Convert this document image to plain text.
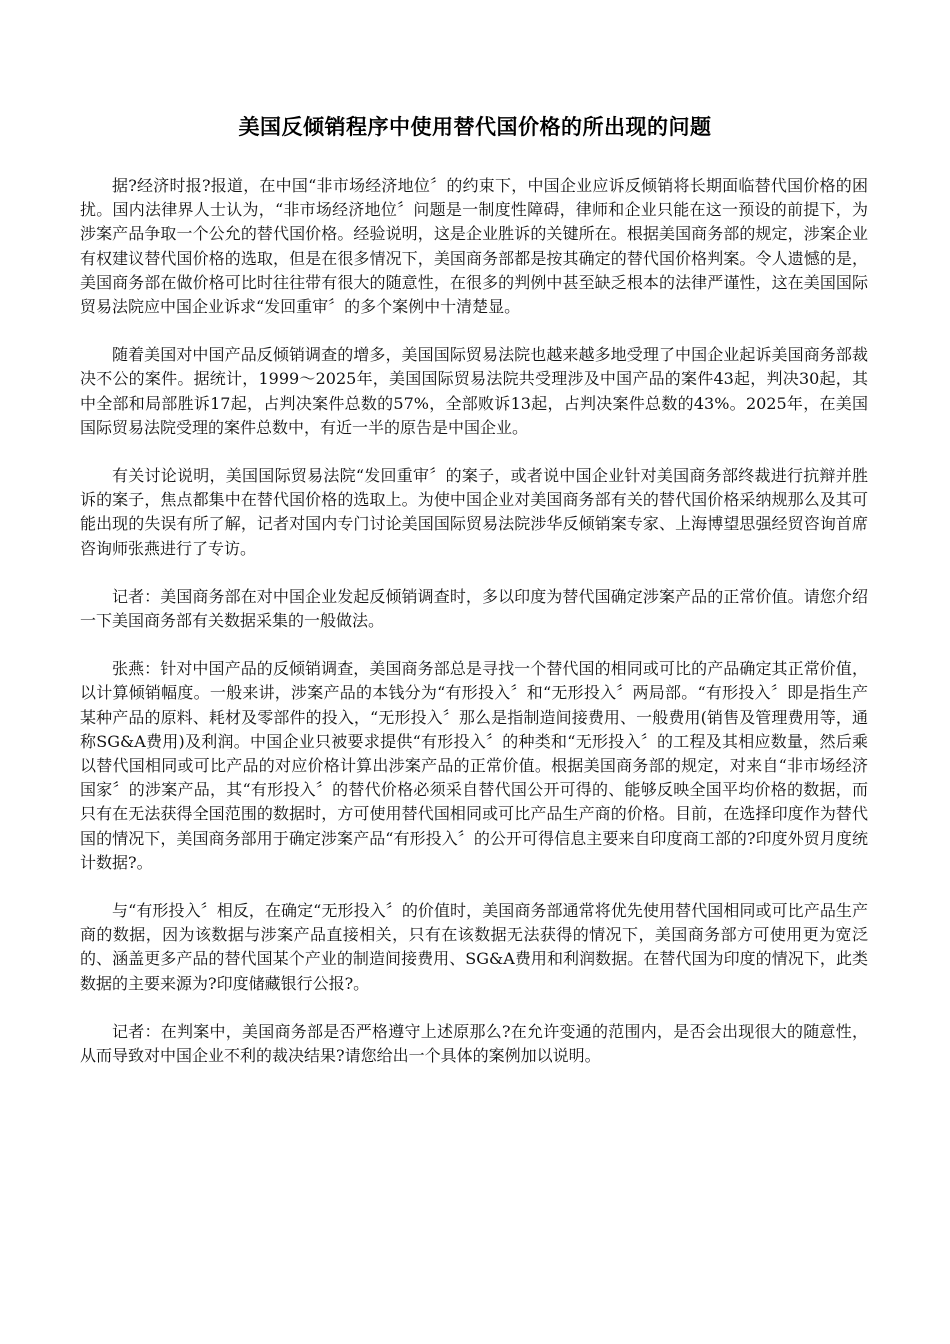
美国反倾销程序中使用替代国价格的所出现的问题

据?经济时报?报道，在中国“非市场经济地位〞的约束下，中国企业应诉反倾销将长期面临替代国价格的困扰。国内法律界人士认为，“非市场经济地位〞问题是一制度性障碍，律师和企业只能在这一预设的前提下，为涉案产品争取一个公允的替代国价格。经验说明，这是企业胜诉的关键所在。根据美国商务部的规定，涉案企业有权建议替代国价格的选取，但是在很多情况下，美国商务部都是按其确定的替代国价格判案。令人遗憾的是，美国商务部在做价格可比时往往带有很大的随意性，在很多的判例中甚至缺乏根本的法律严谨性，这在美国国际贸易法院应中国企业诉求“发回重审〞的多个案例中十清楚显。

随着美国对中国产品反倾销调查的增多，美国国际贸易法院也越来越多地受理了中国企业起诉美国商务部裁决不公的案件。据统计，1999～2025年，美国国际贸易法院共受理涉及中国产品的案件43起，判决30起，其中全部和局部胜诉17起，占判决案件总数的57%，全部败诉13起，占判决案件总数的43%。2025年，在美国国际贸易法院受理的案件总数中，有近一半的原告是中国企业。

有关讨论说明，美国国际贸易法院“发回重审〞的案子，或者说中国企业针对美国商务部终裁进行抗辩并胜诉的案子，焦点都集中在替代国价格的选取上。为使中国企业对美国商务部有关的替代国价格采纳规那么及其可能出现的失误有所了解，记者对国内专门讨论美国国际贸易法院涉华反倾销案专家、上海博望思强经贸咨询首席咨询师张燕进行了专访。

记者：美国商务部在对中国企业发起反倾销调查时，多以印度为替代国确定涉案产品的正常价值。请您介绍一下美国商务部有关数据采集的一般做法。

张燕：针对中国产品的反倾销调查，美国商务部总是寻找一个替代国的相同或可比的产品确定其正常价值，以计算倾销幅度。一般来讲，涉案产品的本钱分为“有形投入〞和“无形投入〞两局部。“有形投入〞即是指生产某种产品的原料、耗材及零部件的投入，“无形投入〞那么是指制造间接费用、一般费用(销售及管理费用等，通称SG&A费用)及利润。中国企业只被要求提供“有形投入〞的种类和“无形投入〞的工程及其相应数量，然后乘以替代国相同或可比产品的对应价格计算出涉案产品的正常价值。根据美国商务部的规定，对来自“非市场经济国家〞的涉案产品，其“有形投入〞的替代价格必须采自替代国公开可得的、能够反映全国平均价格的数据，而只有在无法获得全国范围的数据时，方可使用替代国相同或可比产品生产商的价格。目前，在选择印度作为替代国的情况下，美国商务部用于确定涉案产品“有形投入〞的公开可得信息主要来自印度商工部的?印度外贸月度统计数据?。

与“有形投入〞相反，在确定“无形投入〞的价值时，美国商务部通常将优先使用替代国相同或可比产品生产商的数据，因为该数据与涉案产品直接相关，只有在该数据无法获得的情况下，美国商务部方可使用更为宽泛的、涵盖更多产品的替代国某个产业的制造间接费用、SG&A费用和利润数据。在替代国为印度的情况下，此类数据的主要来源为?印度储藏银行公报?。

记者：在判案中，美国商务部是否严格遵守上述原那么?在允许变通的范围内，是否会出现很大的随意性，从而导致对中国企业不利的裁决结果?请您给出一个具体的案例加以说明。
